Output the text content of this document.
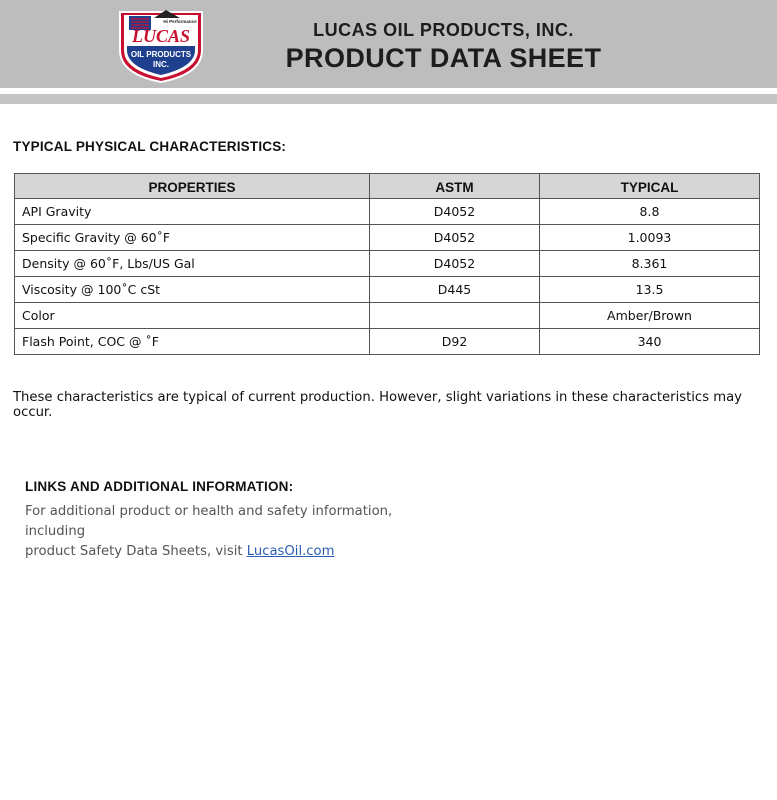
Hi Performance
LUCAS
OIL PRODUCTS
INC.
LUCAS OIL PRODUCTS, INC.
PRODUCT DATA SHEET
TYPICAL PHYSICAL CHARACTERISTICS:
PROPERTIES	ASTM	TYPICAL
API Gravity	D4052	8.8
Specific Gravity @ 60˚F	D4052	1.0093
Density @ 60˚F, Lbs/US Gal	D4052	8.361
Viscosity @ 100˚C cSt	D445	13.5
Color		Amber/Brown
Flash Point, COC @ ˚F	D92	340
These characteristics are typical of current production. However, slight variations in these characteristics may occur.
LINKS AND ADDITIONAL INFORMATION:
For additional product or health and safety information, including
product Safety Data Sheets, visit LucasOil.com
